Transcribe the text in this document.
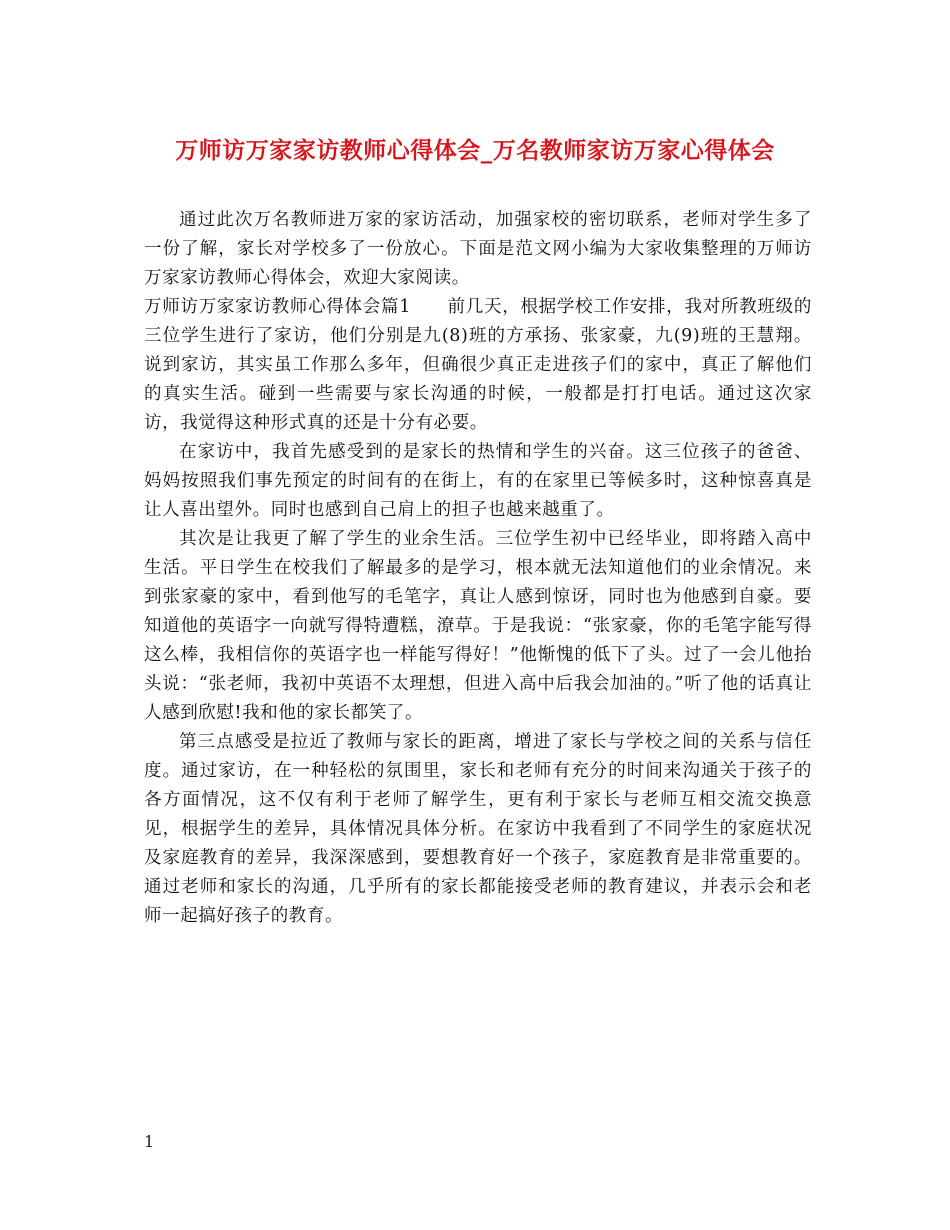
万师访万家家访教师心得体会_万名教师家访万家心得体会

通过此次万名教师进万家的家访活动，加强家校的密切联系，老师对学生多了一份了解，家长对学校多了一份放心。下面是范文网小编为大家收集整理的万师访万家家访教师心得体会，欢迎大家阅读。

万师访万家家访教师心得体会篇1　　前几天，根据学校工作安排，我对所教班级的三位学生进行了家访，他们分别是九(8)班的方承扬、张家豪，九(9)班的王慧翔。说到家访，其实虽工作那么多年，但确很少真正走进孩子们的家中，真正了解他们的真实生活。碰到一些需要与家长沟通的时候，一般都是打打电话。通过这次家访，我觉得这种形式真的还是十分有必要。

在家访中，我首先感受到的是家长的热情和学生的兴奋。这三位孩子的爸爸、妈妈按照我们事先预定的时间有的在街上，有的在家里已等候多时，这种惊喜真是让人喜出望外。同时也感到自己肩上的担子也越来越重了。

其次是让我更了解了学生的业余生活。三位学生初中已经毕业，即将踏入高中生活。平日学生在校我们了解最多的是学习，根本就无法知道他们的业余情况。来到张家豪的家中，看到他写的毛笔字，真让人感到惊讶，同时也为他感到自豪。要知道他的英语字一向就写得特遭糕，潦草。于是我说：“张家豪，你的毛笔字能写得这么棒，我相信你的英语字也一样能写得好！”他惭愧的低下了头。过了一会儿他抬头说：“张老师，我初中英语不太理想，但进入高中后我会加油的。”听了他的话真让人感到欣慰!我和他的家长都笑了。

第三点感受是拉近了教师与家长的距离，增进了家长与学校之间的关系与信任度。通过家访，在一种轻松的氛围里，家长和老师有充分的时间来沟通关于孩子的各方面情况，这不仅有利于老师了解学生，更有利于家长与老师互相交流交换意见，根据学生的差异，具体情况具体分析。在家访中我看到了不同学生的家庭状况及家庭教育的差异，我深深感到，要想教育好一个孩子，家庭教育是非常重要的。通过老师和家长的沟通，几乎所有的家长都能接受老师的教育建议，并表示会和老师一起搞好孩子的教育。

1
